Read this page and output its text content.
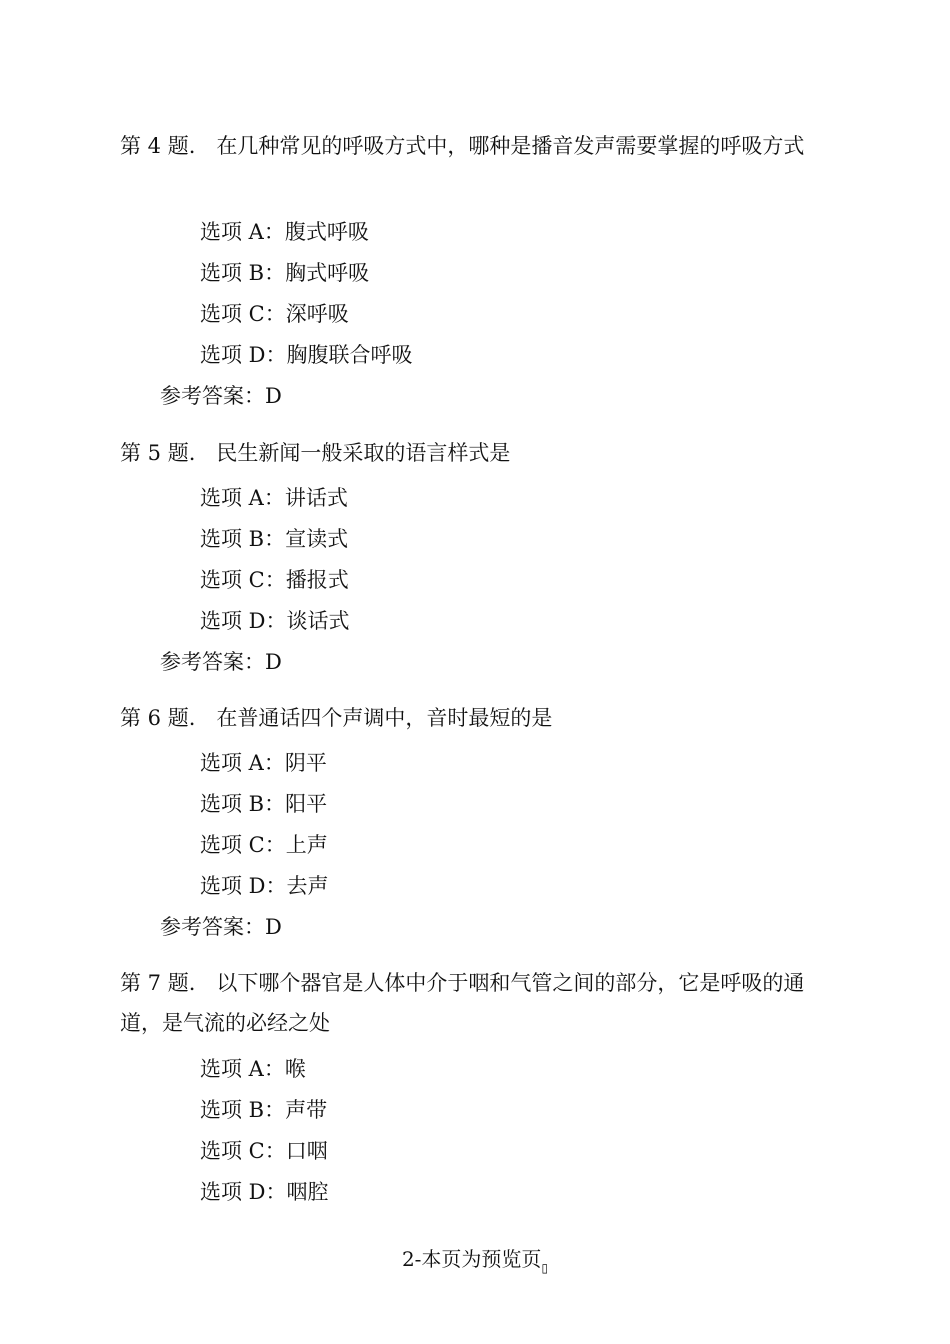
第 4 题.　在几种常见的呼吸方式中，哪种是播音发声需要掌握的呼吸方式
选项 A：腹式呼吸
选项 B：胸式呼吸
选项 C：深呼吸
选项 D：胸腹联合呼吸
参考答案：D
第 5 题.　民生新闻一般采取的语言样式是
选项 A：讲话式
选项 B：宣读式
选项 C：播报式
选项 D：谈话式
参考答案：D
第 6 题.　在普通话四个声调中，音时最短的是
选项 A：阴平
选项 B：阳平
选项 C：上声
选项 D：去声
参考答案：D
第 7 题.　以下哪个器官是人体中介于咽和气管之间的部分，它是呼吸的通道，是气流的必经之处
选项 A：喉
选项 B：声带
选项 C：口咽
选项 D：咽腔
2-本页为预览页$_▯$
